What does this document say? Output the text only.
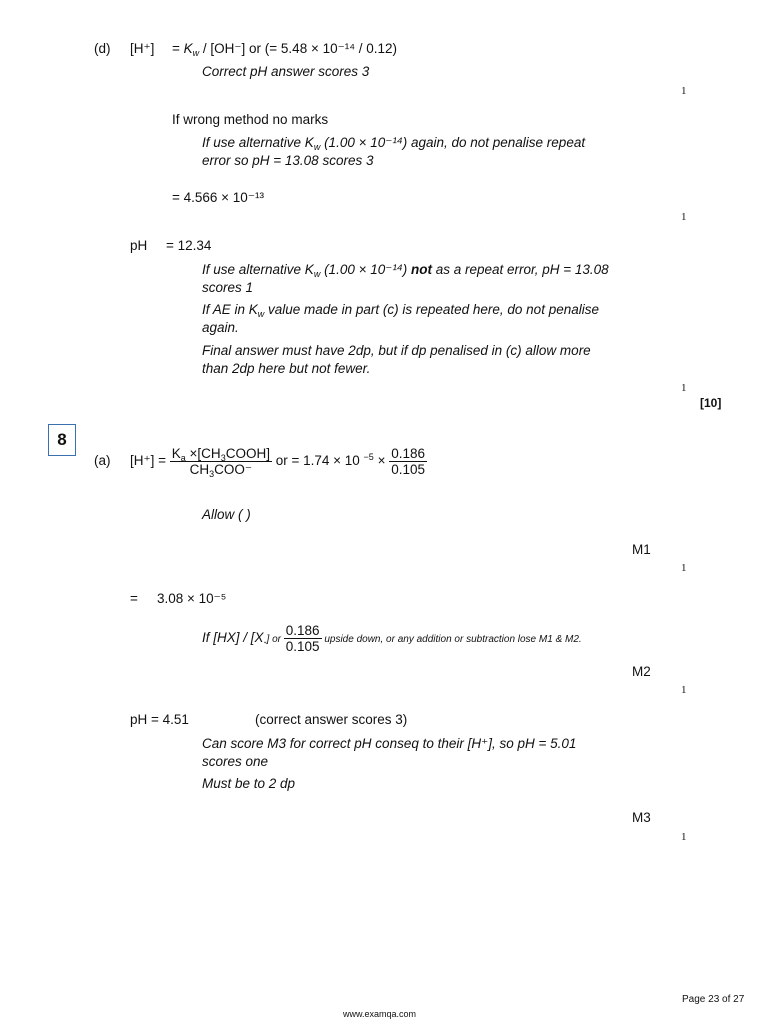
(d) $[H^+] = K_w / [OH^-]$ or (= 5.48 × 10⁻¹⁴ / 0.12)
Correct pH answer scores 3
1
If wrong method no marks
If use alternative $K_w$ (1.00 × 10⁻¹⁴) again, do not penalise repeat error so pH = 13.08 scores 3
= 4.566 × 10⁻¹³
1
pH = 12.34
If use alternative $K_w$ (1.00 × 10⁻¹⁴) not as a repeat error, pH = 13.08 scores 1
If AE in $K_w$ value made in part (c) is repeated here, do not penalise again.
Final answer must have 2dp, but if dp penalised in (c) allow more than 2dp here but not fewer.
1
[10]
8
(a) $[H^+] = \frac{K_a \times[CH_3COOH]}{CH_3COO^-}$ or = 1.74 × 10 $^{-5} \times \frac{0.186}{0.105}$
Allow ( )
M1
1
= 3.08 × 10⁻⁵
If $[HX] / [X_-]$ or $\frac{0.186}{0.105}$ upside down, or any addition or subtraction lose M1 & M2.
M2
1
pH = 4.51	(correct answer scores 3)
Can score M3 for correct pH conseq to their [H⁺], so pH = 5.01 scores one
Must be to 2 dp
M3
1
Page 23 of 27
www.examqa.com
